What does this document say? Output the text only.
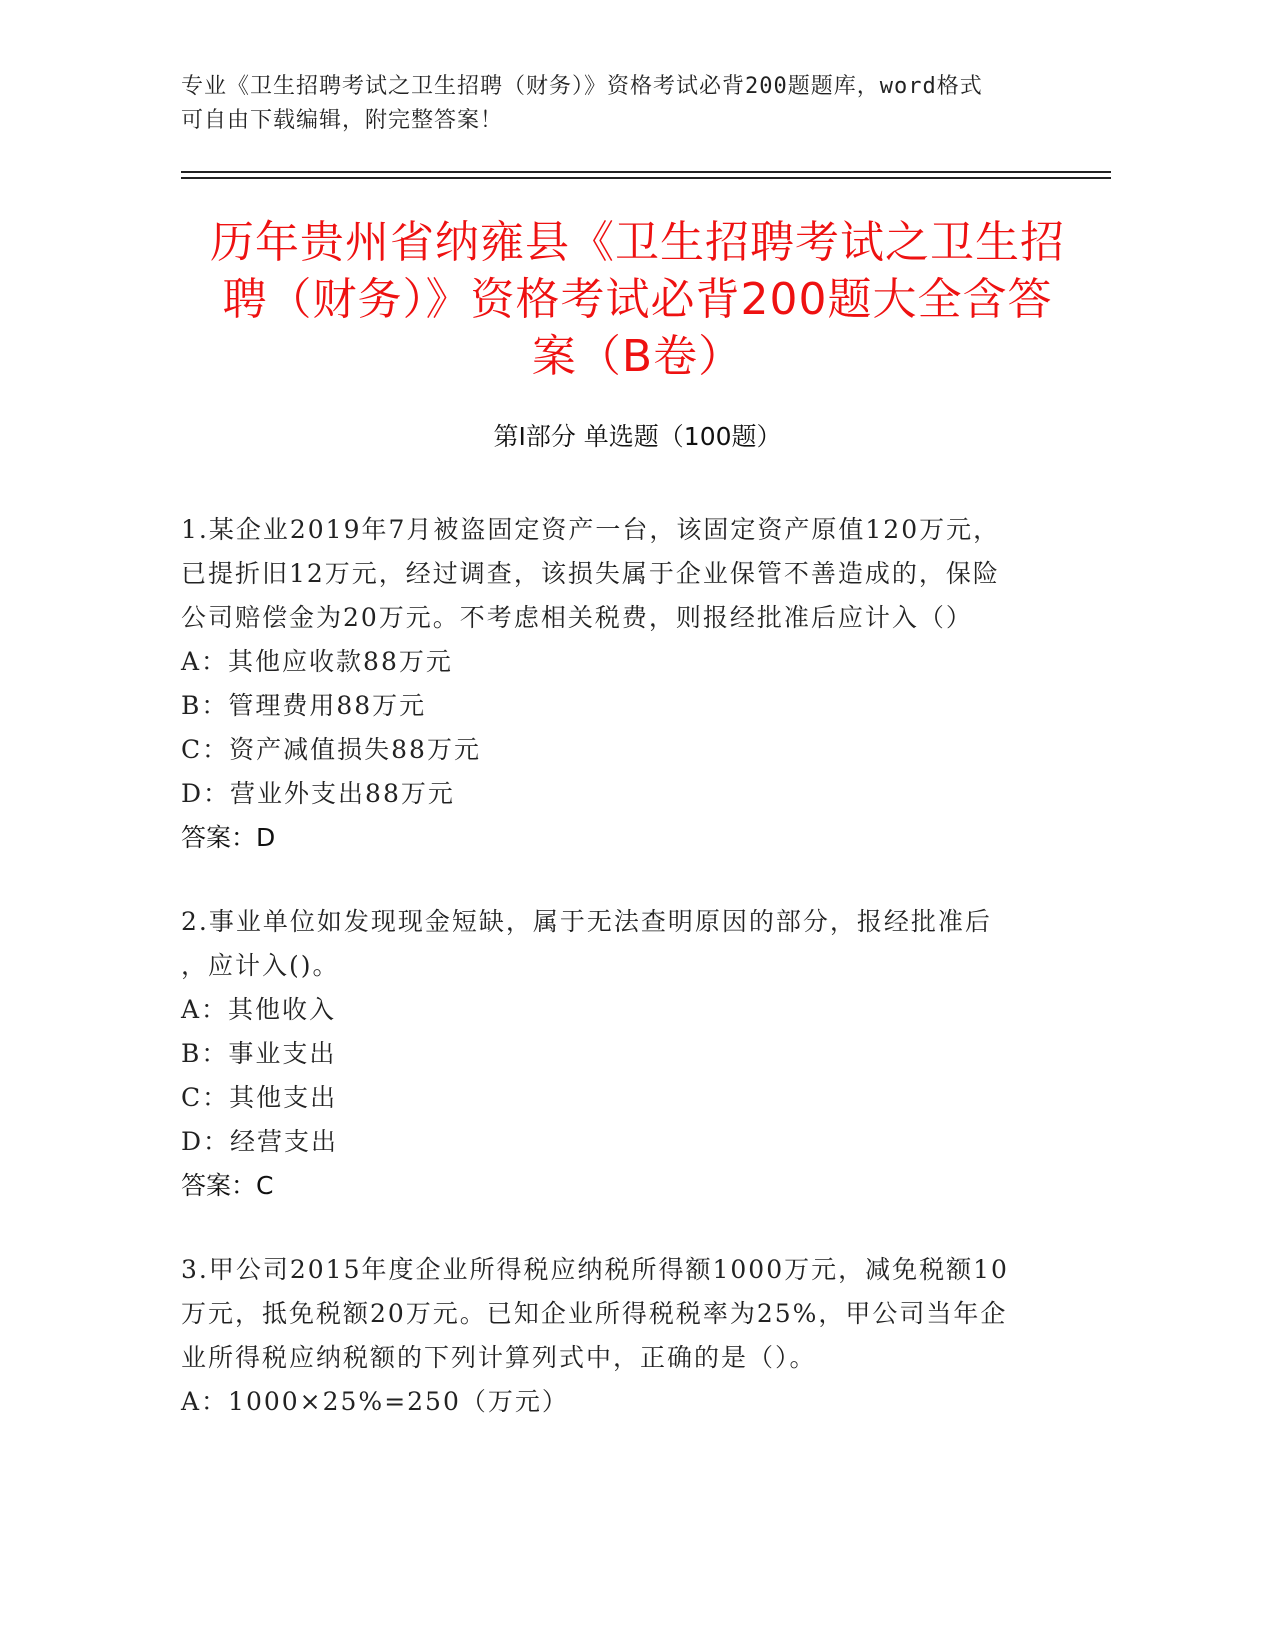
专业《卫生招聘考试之卫生招聘（财务）》资格考试必背200题题库，word格式
可自由下载编辑，附完整答案！
历年贵州省纳雍县《卫生招聘考试之卫生招
聘（财务）》资格考试必背200题大全含答
案（B卷）
第Ⅰ部分 单选题（100题）
1.某企业2019年7月被盗固定资产一台，该固定资产原值120万元，
已提折旧12万元，经过调查，该损失属于企业保管不善造成的，保险
公司赔偿金为20万元。不考虑相关税费，则报经批准后应计入（）
A：其他应收款88万元
B：管理费用88万元
C：资产减值损失88万元
D：营业外支出88万元
答案：D
2.事业单位如发现现金短缺，属于无法查明原因的部分，报经批准后
，应计入()。
A：其他收入
B：事业支出
C：其他支出
D：经营支出
答案：C
3.甲公司2015年度企业所得税应纳税所得额1000万元，减免税额10
万元，抵免税额20万元。已知企业所得税税率为25%，甲公司当年企
业所得税应纳税额的下列计算列式中，正确的是（）。
A：1000×25%=250（万元）
